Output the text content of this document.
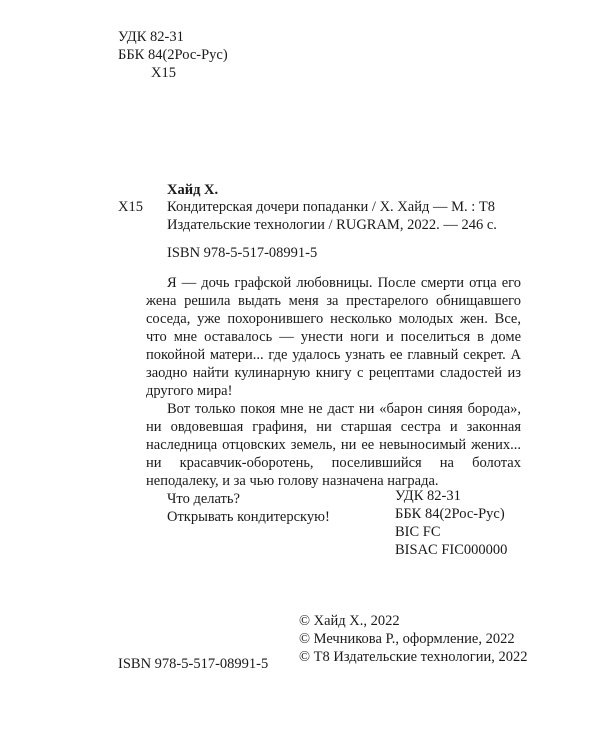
УДК 82-31
ББК 84(2Рос-Рус)
Х15
Хайд Х.
Х15 Кондитерская дочери попаданки / Х. Хайд — М. : Т8 Издательские технологии / RUGRAM, 2022. — 246 с.
ISBN 978-5-517-08991-5

Я — дочь графской любовницы. После смерти отца его жена решила выдать меня за престарелого обнищавшего соседа, уже похоронившего несколько молодых жен. Все, что мне оставалось — унести ноги и поселиться в доме покойной матери... где удалось узнать ее главный секрет. А заодно найти кулинарную книгу с рецептами сладостей из другого мира!

Вот только покоя мне не даст ни «барон синяя борода», ни овдовевшая графиня, ни старшая сестра и законная наследница отцовских земель, ни ее невыносимый жених... ни красавчик-оборотень, поселившийся на болотах неподалеку, и за чью голову назначена награда.

Что делать?

Открывать кондитерскую!

УДК 82-31
ББК 84(2Рос-Рус)
BIC FC
BISAC FIC000000
© Хайд Х., 2022
© Мечникова Р., оформление, 2022
© Т8 Издательские технологии, 2022
ISBN 978-5-517-08991-5
